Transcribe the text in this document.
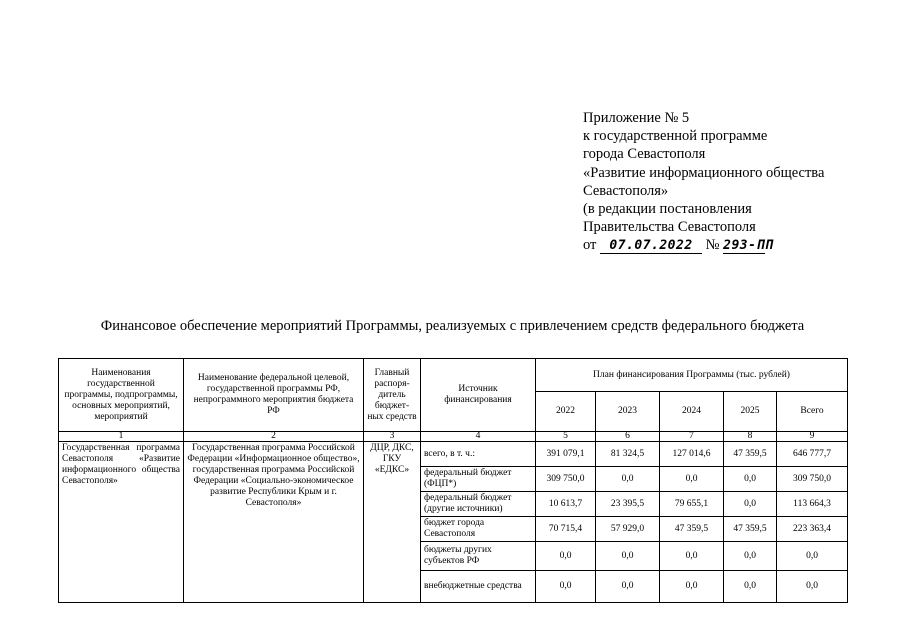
Приложение № 5
к государственной программе
города Севастополя
«Развитие информационного общества
Севастополя»
(в редакции постановления
Правительства Севастополя
от 07.07.2022 № 293-ПП
Финансовое обеспечение мероприятий Программы, реализуемых с привлечением средств федерального бюджета
Наименования государственной программы, подпрограммы, основных мероприятий, мероприятий	Наименование федеральной целевой, государственной программы РФ, непрограммного мероприятия бюджета РФ	Главный распоря-дитель бюджет-ных средств	Источник финансирования	План финансирования Программы (тыс. рублей)				
				2022	2023	2024	2025	Всего
1	2	3	4	5	6	7	8	9
Государственная программа Севастополя «Развитие информационного общества Севастополя»	Государственная программа Российской Федерации «Информационное общество», государственная программа Российской Федерации «Социально-экономическое развитие Республики Крым и г. Севастополя»	ДЦР, ДКС, ГКУ «ЕДКС»	всего, в т. ч.:	391 079,1	81 324,5	127 014,6	47 359,5	646 777,7
			федеральный бюджет (ФЦП*)	309 750,0	0,0	0,0	0,0	309 750,0
			федеральный бюджет (другие источники)	10 613,7	23 395,5	79 655,1	0,0	113 664,3
			бюджет города Севастополя	70 715,4	57 929,0	47 359,5	47 359,5	223 363,4
			бюджеты других субъектов РФ	0,0	0,0	0,0	0,0	0,0
			внебюджетные средства	0,0	0,0	0,0	0,0	0,0
